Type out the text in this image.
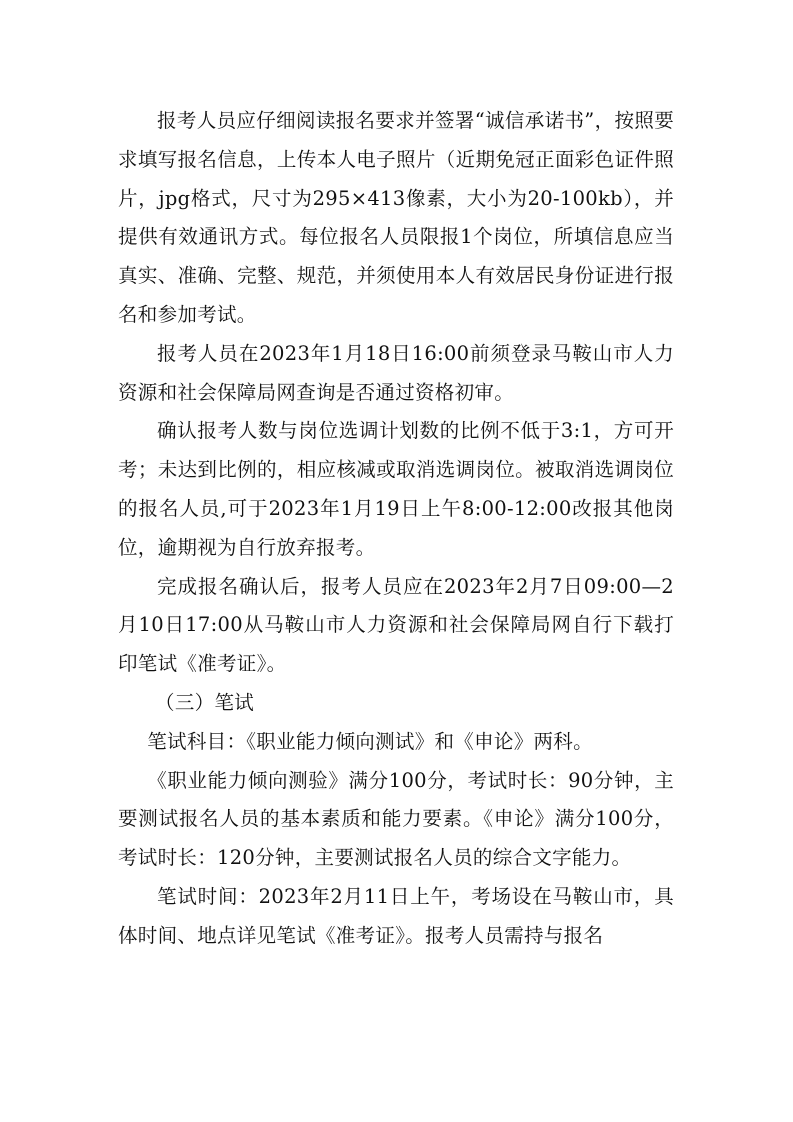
报考人员应仔细阅读报名要求并签署“诚信承诺书”，按照要求填写报名信息，上传本人电子照片（近期免冠正面彩色证件照片，jpg格式，尺寸为295×413像素，大小为20-100kb），并提供有效通讯方式。每位报名人员限报1个岗位，所填信息应当真实、准确、完整、规范，并须使用本人有效居民身份证进行报名和参加考试。

报考人员在2023年1月18日16:00前须登录马鞍山市人力资源和社会保障局网查询是否通过资格初审。

确认报考人数与岗位选调计划数的比例不低于3:1，方可开考；未达到比例的，相应核减或取消选调岗位。被取消选调岗位的报名人员,可于2023年1月19日上午8:00-12:00改报其他岗位，逾期视为自行放弃报考。

完成报名确认后，报考人员应在2023年2月7日09:00—2月10日17:00从马鞍山市人力资源和社会保障局网自行下载打印笔试《准考证》。

（三）笔试

笔试科目：《职业能力倾向测试》和《申论》两科。

《职业能力倾向测验》满分100分，考试时长：90分钟，主要测试报名人员的基本素质和能力要素。《申论》满分100分，考试时长：120分钟，主要测试报名人员的综合文字能力。

笔试时间：2023年2月11日上午，考场设在马鞍山市，具体时间、地点详见笔试《准考证》。报考人员需持与报名
